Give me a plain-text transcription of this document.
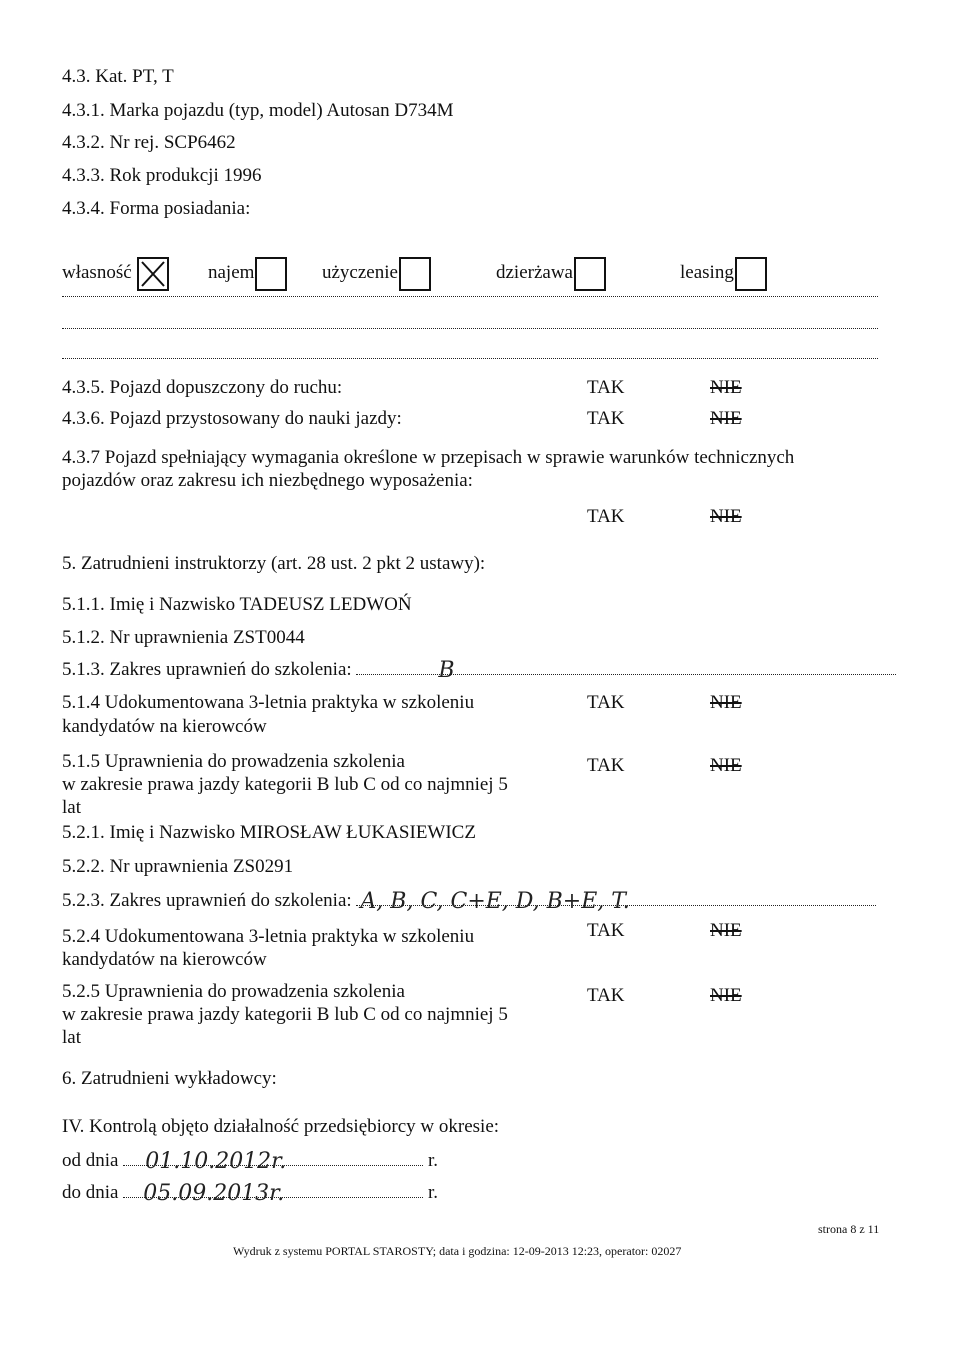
4.3. Kat. PT, T
4.3.1. Marka pojazdu (typ, model) Autosan D734M
4.3.2. Nr rej. SCP6462
4.3.3. Rok produkcji 1996
4.3.4. Forma posiadania:
własność	najem	użyczenie	dzierżawa	leasing
4.3.5. Pojazd dopuszczony do ruchu:	TAK	NIE
4.3.6. Pojazd przystosowany do nauki jazdy:	TAK	NIE
4.3.7 Pojazd spełniający wymagania określone w przepisach w sprawie warunków technicznych
pojazdów oraz zakresu ich niezbędnego wyposażenia:
TAK	NIE
5. Zatrudnieni instruktorzy (art. 28 ust. 2 pkt 2 ustawy):
5.1.1. Imię i Nazwisko TADEUSZ LEDWOŃ
5.1.2. Nr uprawnienia ZST0044
5.1.3. Zakres uprawnień do szkolenia:	B
5.1.4 Udokumentowana 3-letnia praktyka w szkoleniu
kandydatów na kierowców
TAK	NIE
5.1.5 Uprawnienia do prowadzenia szkolenia
w zakresie prawa jazdy kategorii B lub C od co najmniej 5
lat
TAK	NIE
5.2.1. Imię i Nazwisko MIROSŁAW ŁUKASIEWICZ
5.2.2. Nr uprawnienia ZS0291
5.2.3. Zakres uprawnień do szkolenia: A, B, C, C+E, D, B+E, T.
5.2.4 Udokumentowana 3-letnia praktyka w szkoleniu
kandydatów na kierowców
TAK	NIE
5.2.5 Uprawnienia do prowadzenia szkolenia
w zakresie prawa jazdy kategorii B lub C od co najmniej 5
lat
TAK	NIE
6. Zatrudnieni wykładowcy:
IV. Kontrolą objęto działalność przedsiębiorcy w okresie:
od dnia 01.10.2012r.	r.
do dnia 05.09.2013r.	r.
strona 8 z 11
Wydruk z systemu PORTAL STAROSTY; data i godzina: 12-09-2013 12:23, operator: 02027
